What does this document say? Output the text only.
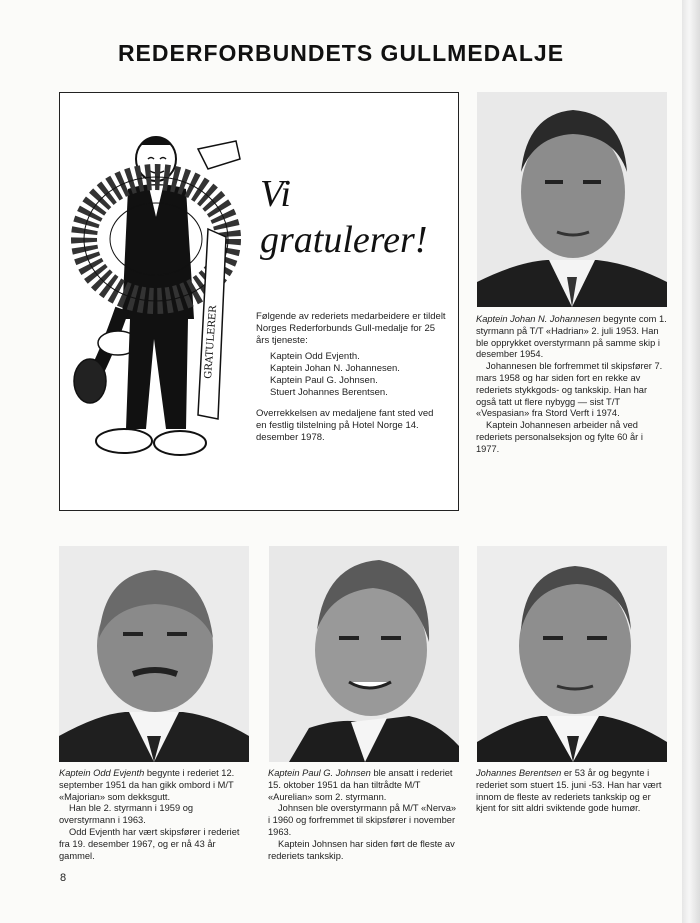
REDERFORBUNDETS GULLMEDALJE
GRATULERER
Vi
gratulerer!

Følgende av rederiets medarbeidere er tildelt Norges Rederforbunds Gull-medalje for 25 års tjeneste:

Kaptein Odd Evjenth.
Kaptein Johan N. Johannesen.
Kaptein Paul G. Johnsen.
Stuert Johannes Berentsen.

Overrekkelsen av medaljene fant sted ved en festlig tilstelning på Hotel Norge 14. desember 1978.

Kaptein Johan N. Johannesen begynte com 1. styrmann på T/T «Hadrian» 2. juli 1953. Han ble opprykket overstyrmann på samme skip i desember 1954.

Johannesen ble forfremmet til skipsfører 7. mars 1958 og har siden fort en rekke av rederiets stykkgods- og tankskip. Han har også tatt ut flere nybygg — sist T/T «Vespasian» fra Stord Verft i 1974.

Kaptein Johannesen arbeider nå ved rederiets personalseksjon og fylte 60 år i 1977.

Kaptein Odd Evjenth begynte i rederiet 12. september 1951 da han gikk ombord i M/T «Majorian» som dekksgutt.

Han ble 2. styrmann i 1959 og overstyrmann i 1963.

Odd Evjenth har vært skipsfører i rederiet fra 19. desember 1967, og er nå 43 år gammel.

Kaptein Paul G. Johnsen ble ansatt i rederiet 15. oktober 1951 da han tiltrådte M/T «Aurelian» som 2. styrmann.

Johnsen ble overstyrmann på M/T «Nerva» i 1960 og forfremmet til skipsfører i november 1963.

Kaptein Johnsen har siden ført de fleste av rederiets tankskip.

Johannes Berentsen er 53 år og begynte i rederiet som stuert 15. juni -53. Han har vært innom de fleste av rederiets tankskip og er kjent for sitt aldri sviktende gode humør.

8
